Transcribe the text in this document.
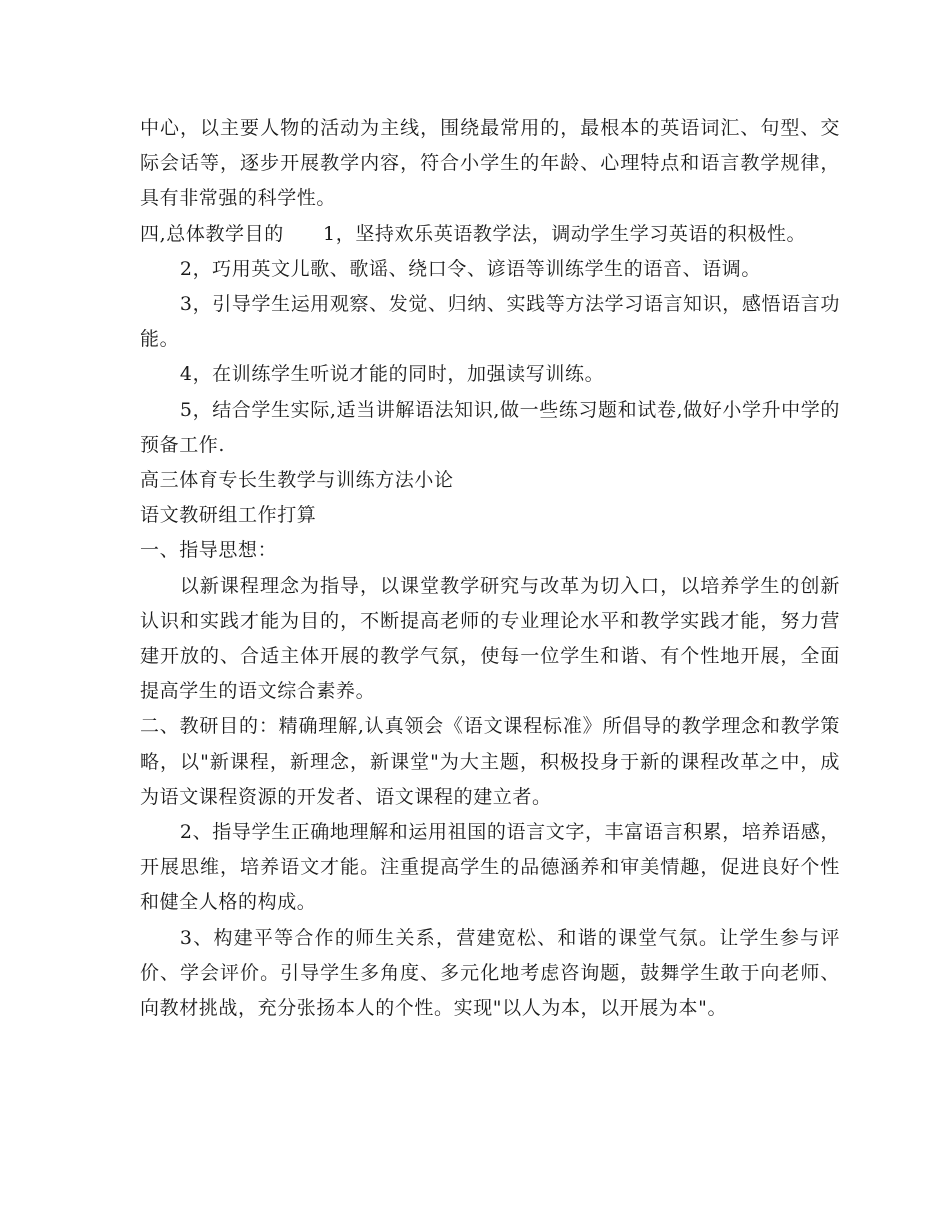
中心，以主要人物的活动为主线，围绕最常用的，最根本的英语词汇、句型、交际会话等，逐步开展教学内容，符合小学生的年龄、心理特点和语言教学规律，具有非常强的科学性。

四,总体教学目的　　1，坚持欢乐英语教学法，调动学生学习英语的积极性。

2，巧用英文儿歌、歌谣、绕口令、谚语等训练学生的语音、语调。

3，引导学生运用观察、发觉、归纳、实践等方法学习语言知识，感悟语言功能。

4，在训练学生听说才能的同时，加强读写训练。

5，结合学生实际,适当讲解语法知识,做一些练习题和试卷,做好小学升中学的预备工作.

高三体育专长生教学与训练方法小论

语文教研组工作打算

一、指导思想：

以新课程理念为指导，以课堂教学研究与改革为切入口，以培养学生的创新认识和实践才能为目的，不断提高老师的专业理论水平和教学实践才能，努力营建开放的、合适主体开展的教学气氛，使每一位学生和谐、有个性地开展，全面提高学生的语文综合素养。

二、教研目的：精确理解,认真领会《语文课程标准》所倡导的教学理念和教学策略，以"新课程，新理念，新课堂"为大主题，积极投身于新的课程改革之中，成为语文课程资源的开发者、语文课程的建立者。

2、指导学生正确地理解和运用祖国的语言文字，丰富语言积累，培养语感，开展思维，培养语文才能。注重提高学生的品德涵养和审美情趣，促进良好个性和健全人格的构成。

3、构建平等合作的师生关系，营建宽松、和谐的课堂气氛。让学生参与评价、学会评价。引导学生多角度、多元化地考虑咨询题，鼓舞学生敢于向老师、向教材挑战，充分张扬本人的个性。实现"以人为本，以开展为本"。
